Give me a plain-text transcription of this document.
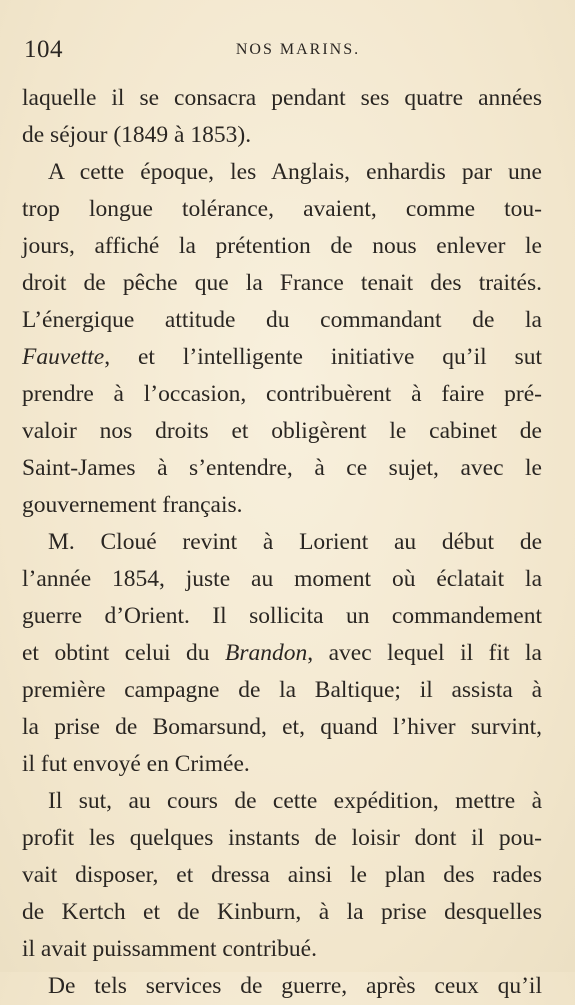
104	NOS MARINS.
laquelle il se consacra pendant ses quatre années
de séjour (1849 à 1853).
A cette époque, les Anglais, enhardis par une
trop longue tolérance, avaient, comme tou-
jours, affiché la prétention de nous enlever le
droit de pêche que la France tenait des traités.
L’énergique attitude du commandant de la
Fauvette, et l’intelligente initiative qu’il sut
prendre à l’occasion, contribuèrent à faire pré-
valoir nos droits et obligèrent le cabinet de
Saint-James à s’entendre, à ce sujet, avec le
gouvernement français.
M. Cloué revint à Lorient au début de
l’année 1854, juste au moment où éclatait la
guerre d’Orient. Il sollicita un commandement
et obtint celui du Brandon, avec lequel il fit la
première campagne de la Baltique; il assista à
la prise de Bomarsund, et, quand l’hiver survint,
il fut envoyé en Crimée.
Il sut, au cours de cette expédition, mettre à
profit les quelques instants de loisir dont il pou-
vait disposer, et dressa ainsi le plan des rades
de Kertch et de Kinburn, à la prise desquelles
il avait puissamment contribué.
De tels services de guerre, après ceux qu’il
